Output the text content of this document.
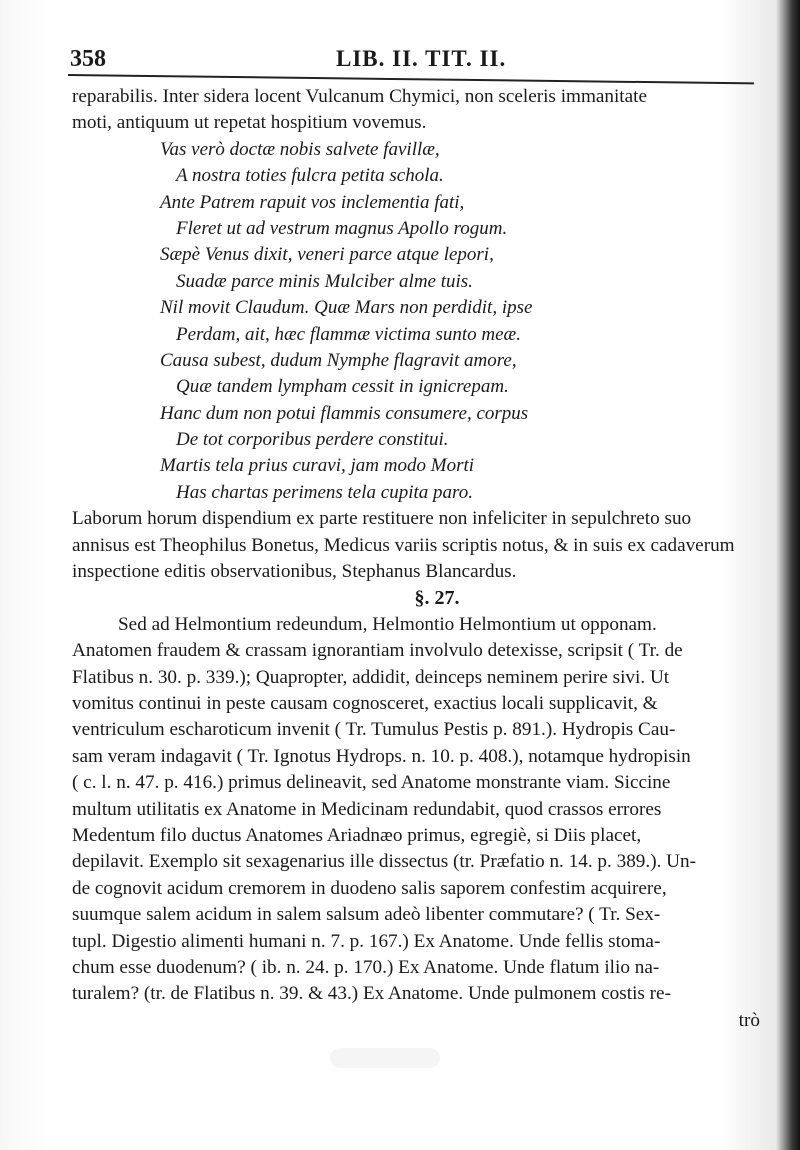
358	LIB. II. TIT. II.
reparabilis. Inter sidera locent Vulcanum Chymici, non sceleris immanitate
moti, antiquum ut repetat hospitium vovemus.
Vas verò doctæ nobis salvete favillæ,
A nostra toties fulcra petita schola.
Ante Patrem rapuit vos inclementia fati,
Fleret ut ad vestrum magnus Apollo rogum.
Sæpè Venus dixit, veneri parce atque lepori,
Suadæ parce minis Mulciber alme tuis.
Nil movit Claudum. Quæ Mars non perdidit, ipse
Perdam, ait, hæc flammæ victima sunto meæ.
Causa subest, dudum Nymphe flagravit amore,
Quæ tandem lympham cessit in ignicrepam.
Hanc dum non potui flammis consumere, corpus
De tot corporibus perdere constitui.
Martis tela prius curavi, jam modo Morti
Has chartas perimens tela cupita paro.
Laborum horum dispendium ex parte restituere non infeliciter in sepulchreto suo
annisus est Theophilus Bonetus, Medicus variis scriptis notus, & in suis ex cadaverum
inspectione editis observationibus, Stephanus Blancardus.
§. 27.
Sed ad Helmontium redeundum, Helmontio Helmontium ut opponam.
Anatomen fraudem & crassam ignorantiam involvulo detexisse, scripsit ( Tr. de
Flatibus n. 30. p. 339.); Quapropter, addidit, deinceps neminem perire sivi. Ut
vomitus continui in peste causam cognosceret, exactius locali supplicavit, &
ventriculum escharoticum invenit ( Tr. Tumulus Pestis p. 891.). Hydropis Cau-
sam veram indagavit ( Tr. Ignotus Hydrops. n. 10. p. 408.), notamque hydropisin
( c. l. n. 47. p. 416.) primus delineavit, sed Anatome monstrante viam. Siccine
multum utilitatis ex Anatome in Medicinam redundabit, quod crassos errores
Medentum filo ductus Anatomes Ariadnæo primus, egregiè, si Diis placet,
depilavit. Exemplo sit sexagenarius ille dissectus (tr. Præfatio n. 14. p. 389.). Un-
de cognovit acidum cremorem in duodeno salis saporem confestim acquirere,
suumque salem acidum in salem salsum adeò libenter commutare? ( Tr. Sex-
tupl. Digestio alimenti humani n. 7. p. 167.) Ex Anatome. Unde fellis stoma-
chum esse duodenum? ( ib. n. 24. p. 170.) Ex Anatome. Unde flatum ilio na-
turalem? (tr. de Flatibus n. 39. & 43.) Ex Anatome. Unde pulmonem costis re-
trò
